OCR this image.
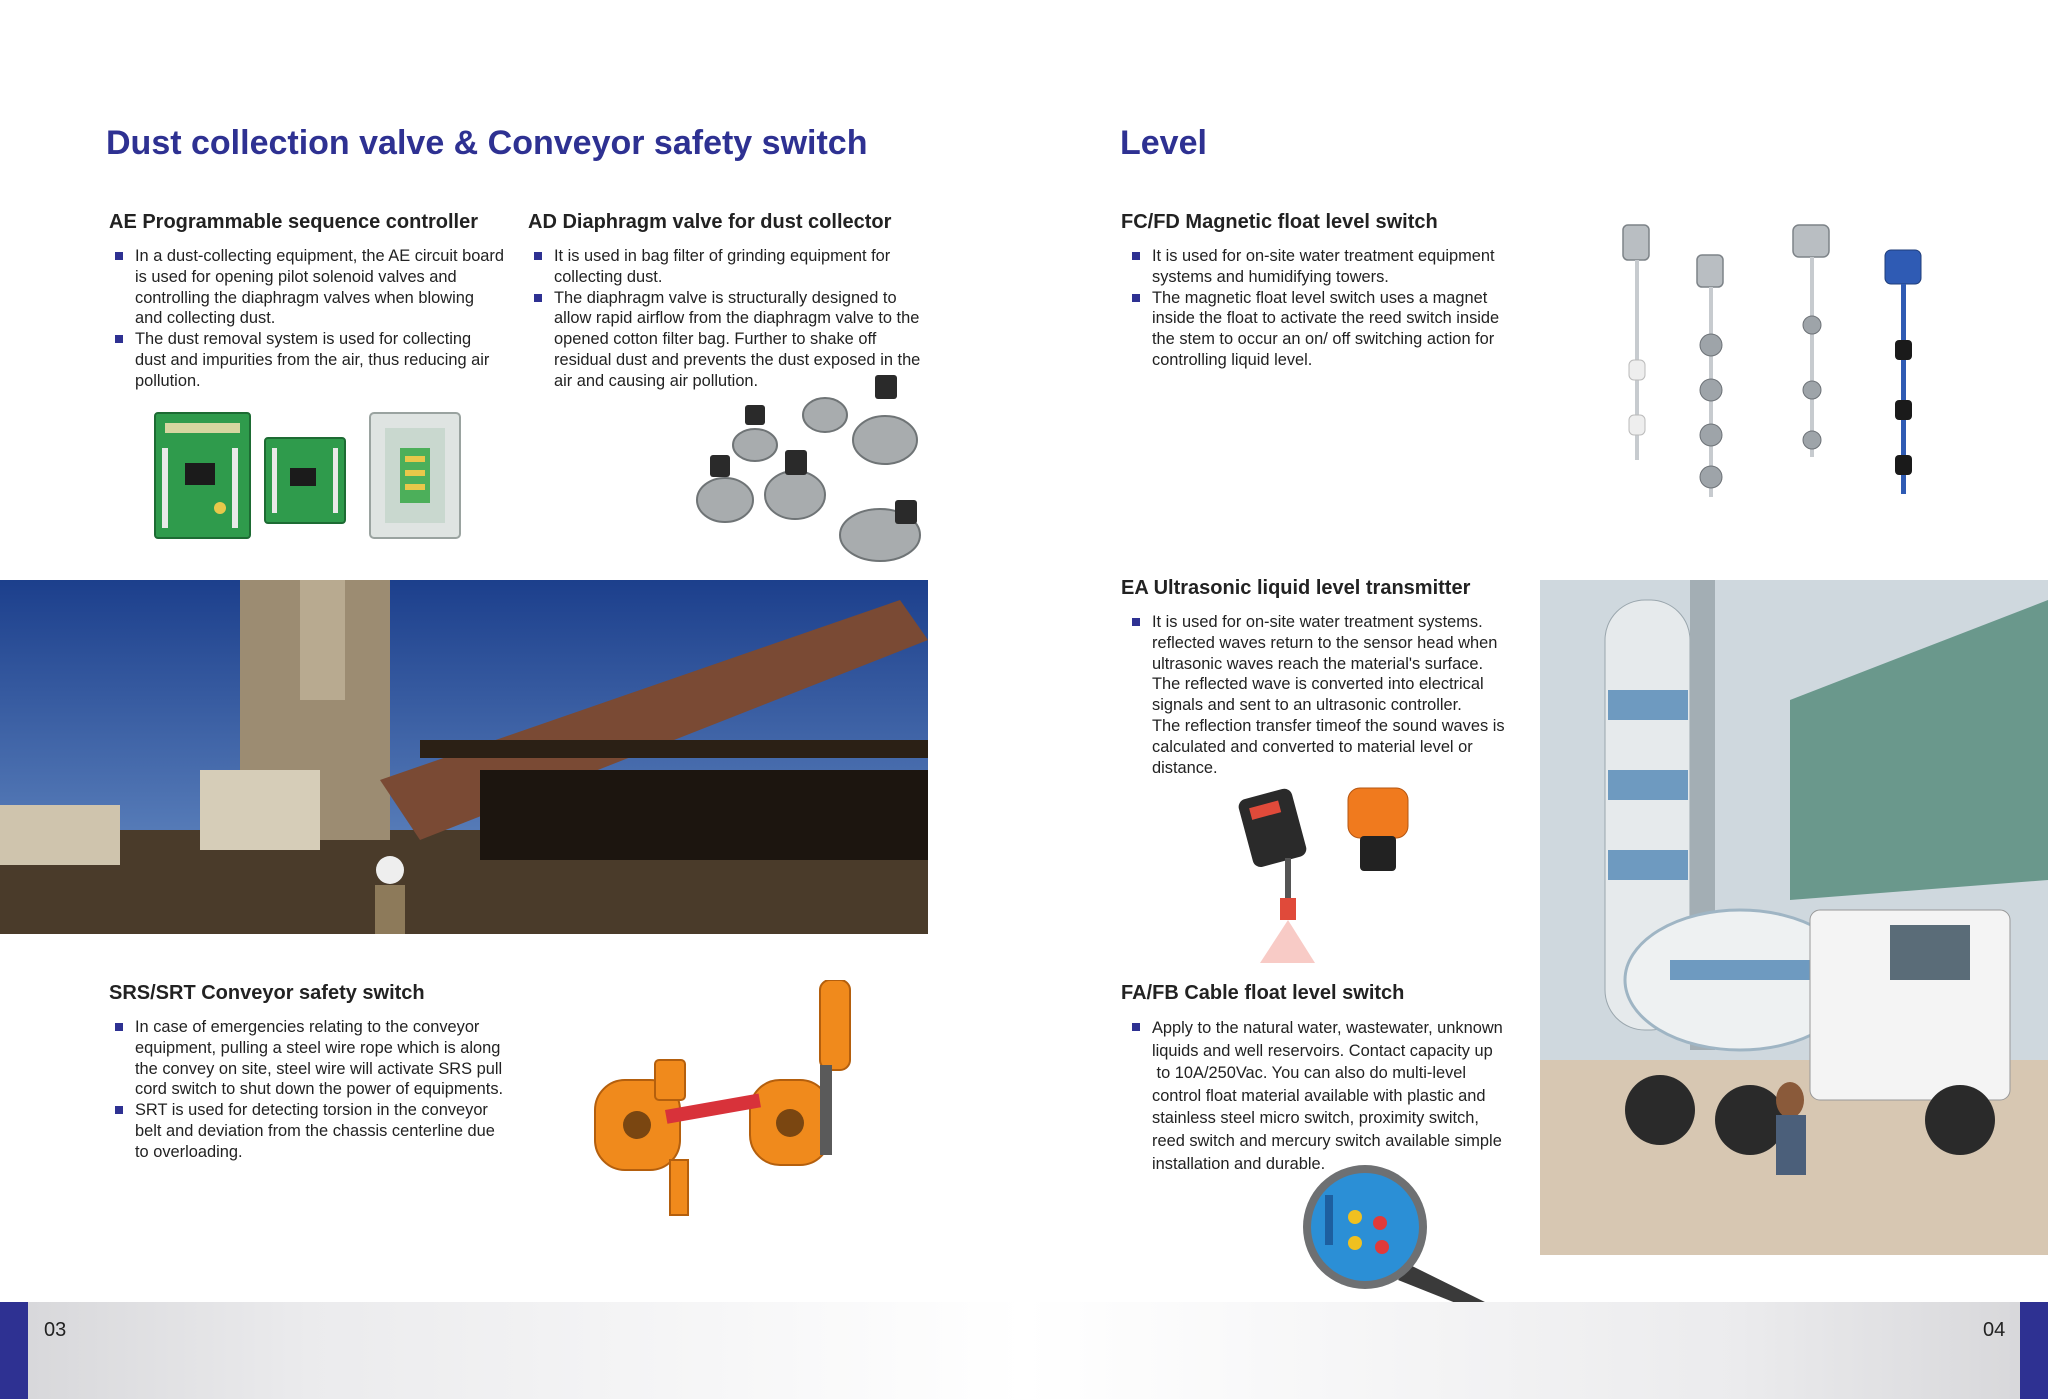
Dust collection valve & Conveyor safety switch
AE Programmable sequence controller
In a dust-collecting equipment, the AE circuit board is used for opening pilot solenoid valves and controlling the diaphragm valves when blowing and collecting dust.
The dust removal system is used for collecting dust and impurities from the air, thus reducing air pollution.
AD Diaphragm valve for dust collector
It is used in bag filter of grinding equipment for collecting dust.
The diaphragm valve is structurally designed to allow rapid airflow from the diaphragm valve to the opened cotton filter bag. Further to shake off residual dust and prevents the dust exposed in the air and causing air pollution.
SRS/SRT Conveyor safety switch
In case of emergencies relating to the conveyor equipment, pulling a steel wire rope which is along the convey on site, steel wire will activate SRS pull cord switch to shut down the power of equipments.
SRT is used for detecting torsion in the conveyor belt and deviation from the chassis centerline due to overloading.
03
Level
FC/FD Magnetic float level switch
It is used for on-site water treatment equipment systems and humidifying towers.
The magnetic float level switch uses a magnet inside the float to activate the reed switch inside the stem to occur an on/ off switching action for controlling liquid level.
EA Ultrasonic liquid level transmitter
It is used for on-site water treatment systems.
reflected waves return to the sensor head when
ultrasonic waves reach the material's surface.
The reflected wave is converted into electrical
signals and sent to an ultrasonic controller.
The reflection transfer timeof the sound waves is
calculated and converted to material level or
distance.
FA/FB Cable float level switch
Apply to the natural water, wastewater, unknown
liquids and well reservoirs. Contact capacity up
to 10A/250Vac. You can also do multi-level
control float material available with plastic and
stainless steel micro switch, proximity switch,
reed switch and mercury switch available simple
installation and durable.
04
